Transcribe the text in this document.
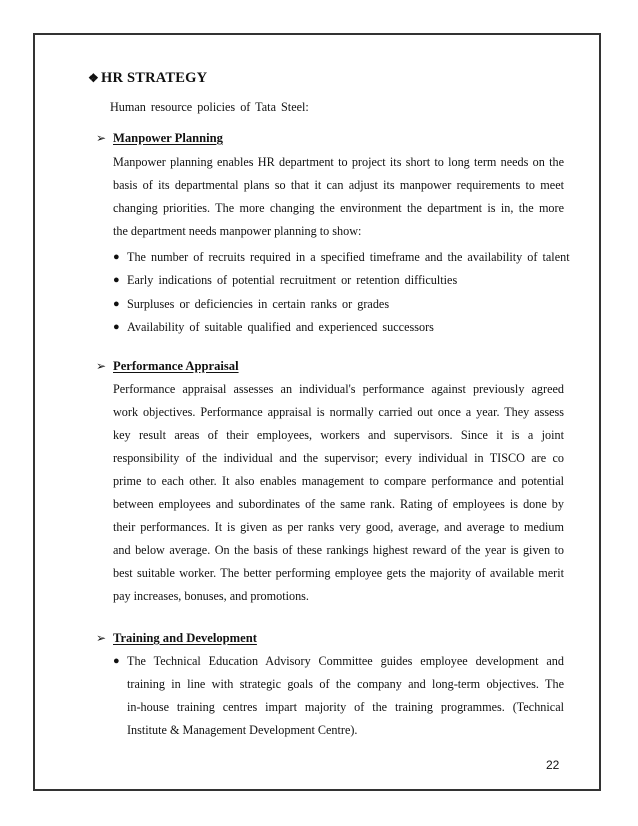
❖ HR STRATEGY
Human resource policies of Tata Steel:
➢ Manpower Planning
Manpower planning enables HR department to project its short to long term needs on the
basis of its departmental plans so that it can adjust its manpower requirements to meet
changing priorities. The more changing the environment the department is in, the more
the department needs manpower planning to show:
● The number of recruits required in a specified timeframe and the availability of talent
● Early indications of potential recruitment or retention difficulties
● Surpluses or deficiencies in certain ranks or grades
● Availability of suitable qualified and experienced successors
➢ Performance Appraisal
Performance appraisal assesses an individual's performance against previously agreed
work objectives. Performance appraisal is normally carried out once a year. They assess
key result areas of their employees, workers and supervisors. Since it is a joint
responsibility of the individual and the supervisor; every individual in TISCO are co
prime to each other. It also enables management to compare performance and potential
between employees and subordinates of the same rank. Rating of employees is done by
their performances. It is given as per ranks very good, average, and average to medium
and below average. On the basis of these rankings highest reward of the year is given to
best suitable worker. The better performing employee gets the majority of available merit
pay increases, bonuses, and promotions.
➢ Training and Development
● The Technical Education Advisory Committee guides employee development and
training in line with strategic goals of the company and long-term objectives. The
in-house training centres impart majority of the training programmes. (Technical
Institute & Management Development Centre).
22
